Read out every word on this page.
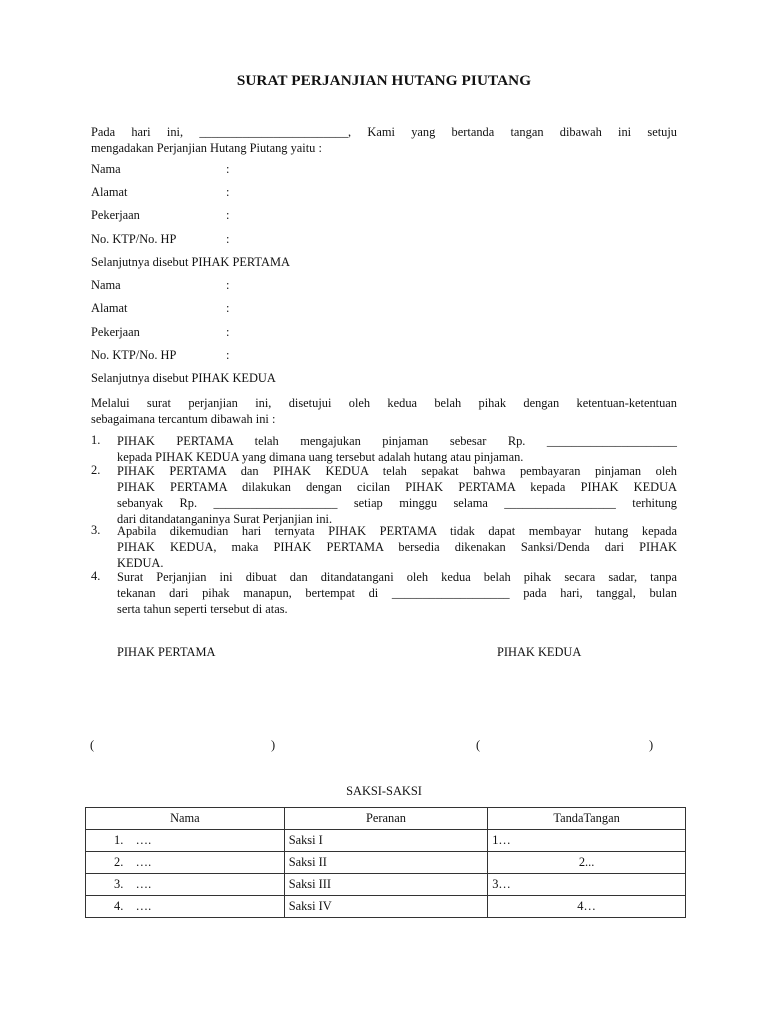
SURAT PERJANJIAN HUTANG PIUTANG
Pada hari ini, ________________________, Kami yang bertanda tangan dibawah ini setuju
mengadakan Perjanjian Hutang Piutang yaitu :
Nama	:
Alamat	:
Pekerjaan	:
No. KTP/No. HP	:
Selanjutnya disebut PIHAK PERTAMA
Nama	:
Alamat	:
Pekerjaan	:
No. KTP/No. HP	:
Selanjutnya disebut PIHAK KEDUA
Melalui surat perjanjian ini, disetujui oleh kedua belah pihak dengan ketentuan-ketentuan
sebagaimana tercantum dibawah ini :
1. PIHAK PERTAMA telah mengajukan pinjaman sebesar Rp. _____________________
kepada PIHAK KEDUA yang dimana uang tersebut adalah hutang atau pinjaman.
2. PIHAK PERTAMA dan PIHAK KEDUA telah sepakat bahwa pembayaran pinjaman oleh
PIHAK PERTAMA dilakukan dengan cicilan PIHAK PERTAMA kepada PIHAK KEDUA
sebanyak Rp. ____________________ setiap minggu selama __________________ terhitung
dari ditandatanganinya Surat Perjanjian ini.
3. Apabila dikemudian hari ternyata PIHAK PERTAMA tidak dapat membayar hutang kepada
PIHAK KEDUA, maka PIHAK PERTAMA bersedia dikenakan Sanksi/Denda dari PIHAK
KEDUA.
4. Surat Perjanjian ini dibuat dan ditandatangani oleh kedua belah pihak secara sadar, tanpa
tekanan dari pihak manapun, bertempat di ___________________ pada hari, tanggal, bulan
serta tahun seperti tersebut di atas.
PIHAK PERTAMA	PIHAK KEDUA
(	)	(	)
SAKSI-SAKSI
Nama	Peranan	TandaTangan
1.    ….	Saksi I	1…
2.    ….	Saksi II	2...
3.    ….	Saksi III	3…
4.    ….	Saksi IV	4…
